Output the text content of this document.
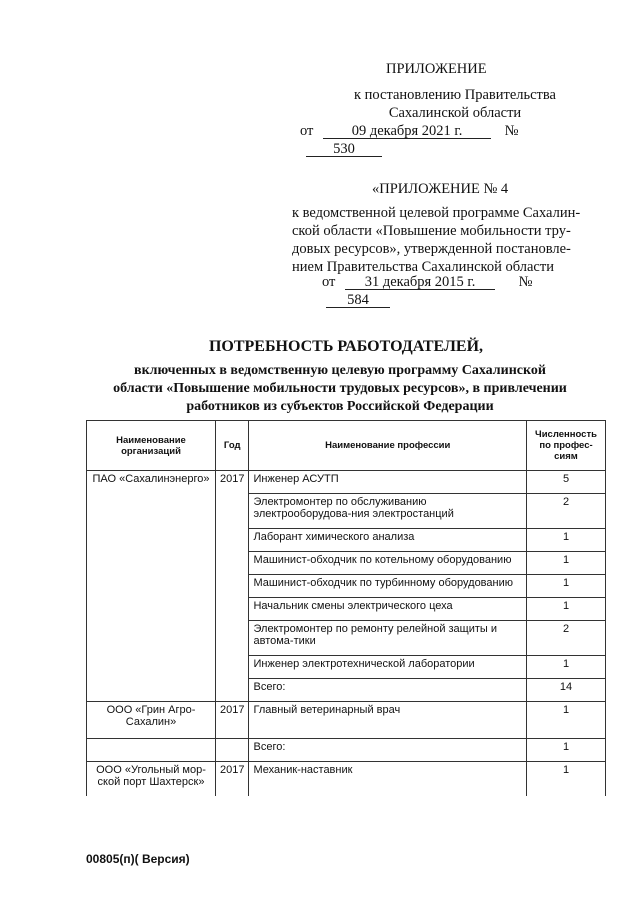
ПРИЛОЖЕНИЕ
к постановлению Правительства
Сахалинской области
от	09 декабря 2021 г.	№ 530
«ПРИЛОЖЕНИЕ № 4
к ведомственной целевой программе Сахалин-
ской области «Повышение мобильности тру-
довых ресурсов», утвержденной постановле-
нием Правительства Сахалинской области
от 31 декабря 2015 г.	№ 584
ПОТРЕБНОСТЬ РАБОТОДАТЕЛЕЙ,
включенных в ведомственную целевую программу Сахалинской
области «Повышение мобильности трудовых ресурсов», в привлечении
работников из субъектов Российской Федерации
Наименование организаций	Год	Наименование профессии	Численность по профес-сиям
ПАО «Сахалинэнерго»	2017	Инженер АСУТП	5
		Электромонтер по обслуживанию электрооборудова-ния электростанций	2
		Лаборант химического анализа	1
		Машинист-обходчик по котельному оборудованию	1
		Машинист-обходчик по турбинному оборудованию	1
		Начальник смены электрического цеха	1
		Электромонтер по ремонту релейной защиты и автома-тики	2
		Инженер электротехнической лаборатории	1
		Всего:	14
ООО «Грин Агро-Сахалин»	2017	Главный ветеринарный врач	1
		Всего:	1
ООО «Угольный мор-ской порт Шахтерск»	2017	Механик-наставник	1
00805(п)( Версия)
